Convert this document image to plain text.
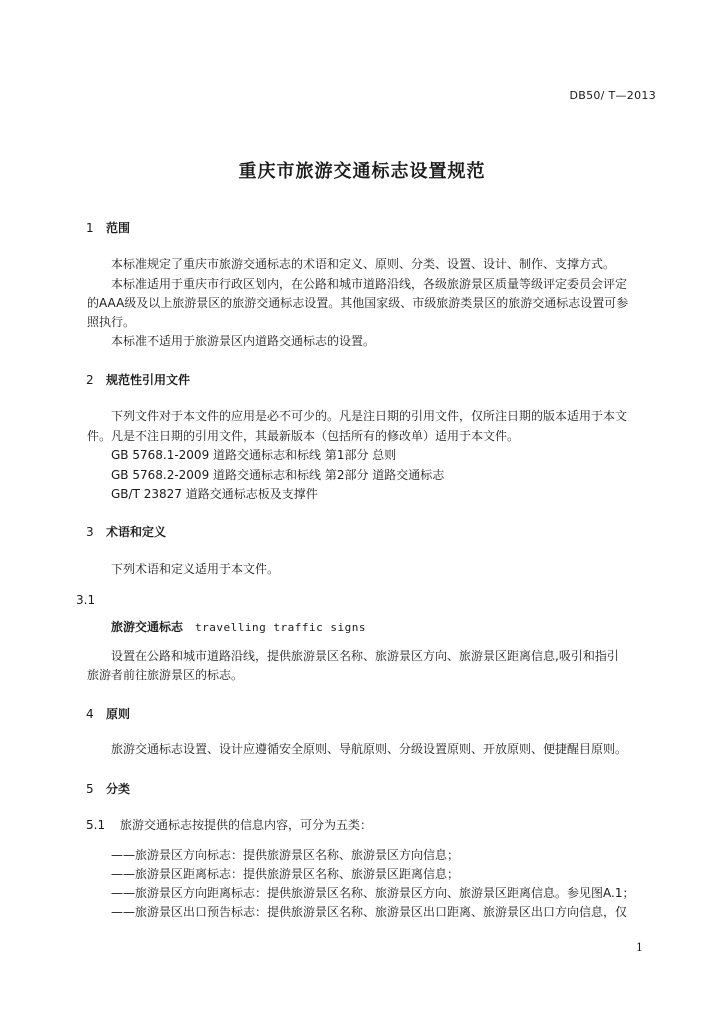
DB50/ T—2013
重庆市旅游交通标志设置规范
1 范围
本标准规定了重庆市旅游交通标志的术语和定义、原则、分类、设置、设计、制作、支撑方式。
本标准适用于重庆市行政区划内，在公路和城市道路沿线，各级旅游景区质量等级评定委员会评定
的AAA级及以上旅游景区的旅游交通标志设置。其他国家级、市级旅游类景区的旅游交通标志设置可参
照执行。
本标准不适用于旅游景区内道路交通标志的设置。
2 规范性引用文件
下列文件对于本文件的应用是必不可少的。凡是注日期的引用文件，仅所注日期的版本适用于本文
件。凡是不注日期的引用文件，其最新版本（包括所有的修改单）适用于本文件。
GB 5768.1-2009 道路交通标志和标线 第1部分 总则
GB 5768.2-2009 道路交通标志和标线 第2部分 道路交通标志
GB/T 23827 道路交通标志板及支撑件
3 术语和定义
下列术语和定义适用于本文件。
3.1
旅游交通标志 travelling traffic signs
设置在公路和城市道路沿线，提供旅游景区名称、旅游景区方向、旅游景区距离信息,吸引和指引
旅游者前往旅游景区的标志。
4 原则
旅游交通标志设置、设计应遵循安全原则、导航原则、分级设置原则、开放原则、便捷醒目原则。
5 分类
5.1 旅游交通标志按提供的信息内容，可分为五类：
——旅游景区方向标志：提供旅游景区名称、旅游景区方向信息；
——旅游景区距离标志：提供旅游景区名称、旅游景区距离信息；
——旅游景区方向距离标志：提供旅游景区名称、旅游景区方向、旅游景区距离信息。参见图A.1；
——旅游景区出口预告标志：提供旅游景区名称、旅游景区出口距离、旅游景区出口方向信息，仅
1
